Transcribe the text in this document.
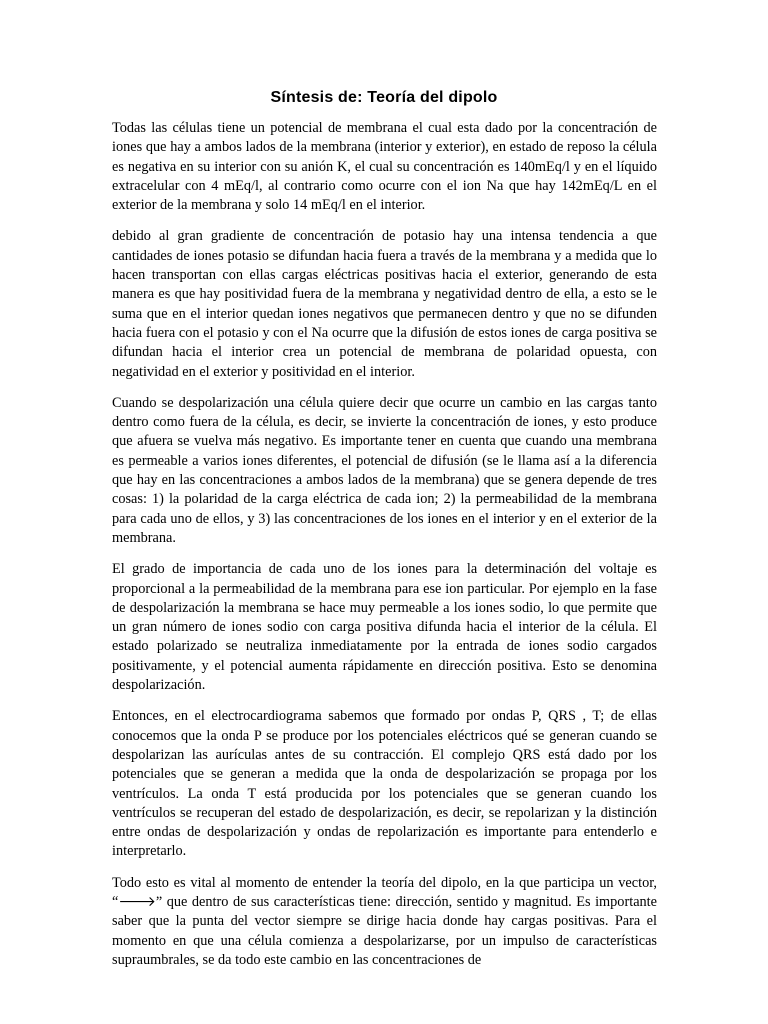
Síntesis de: Teoría del dipolo

Todas las células tiene un potencial de membrana el cual esta dado por la concentración de iones que hay a ambos lados de la membrana (interior y exterior), en estado de reposo la célula es negativa en su interior con su anión K, el cual su concentración es 140mEq/l y en el líquido extracelular con 4 mEq/l, al contrario como ocurre con el ion Na que hay 142mEq/L en el exterior de la membrana y solo 14 mEq/l en el interior.

debido al gran gradiente de concentración de potasio hay una intensa tendencia a que cantidades de iones potasio se difundan hacia fuera a través de la membrana y a medida que lo hacen transportan con ellas cargas eléctricas positivas hacia el exterior, generando de esta manera es que hay positividad fuera de la membrana y negatividad dentro de ella, a esto se le suma que en el interior quedan iones negativos que permanecen dentro y que no se difunden hacia fuera con el potasio y con el Na ocurre que la difusión de estos iones de carga positiva se difundan hacia el interior crea un potencial de membrana de polaridad opuesta, con negatividad en el exterior y positividad en el interior.

Cuando se despolarización una célula quiere decir que ocurre un cambio en las cargas tanto dentro como fuera de la célula, es decir, se invierte la concentración de iones, y esto produce que afuera se vuelva más negativo. Es importante tener en cuenta que cuando una membrana es permeable a varios iones diferentes, el potencial de difusión (se le llama así a la diferencia que hay en las concentraciones a ambos lados de la membrana) que se genera depende de tres cosas: 1) la polaridad de la carga eléctrica de cada ion; 2) la permeabilidad de la membrana para cada uno de ellos, y 3) las concentraciones de los iones en el interior y en el exterior de la membrana.

El grado de importancia de cada uno de los iones para la determinación del voltaje es proporcional a la permeabilidad de la membrana para ese ion particular. Por ejemplo en la fase de despolarización la membrana se hace muy permeable a los iones sodio, lo que permite que un gran número de iones sodio con carga positiva difunda hacia el interior de la célula. El estado polarizado se neutraliza inmediatamente por la entrada de iones sodio cargados positivamente, y el potencial aumenta rápidamente en dirección positiva. Esto se denomina despolarización.

Entonces, en el electrocardiograma sabemos que formado por ondas P, QRS , T; de ellas conocemos que la onda P se produce por los potenciales eléctricos qué se generan cuando se despolarizan las aurículas antes de su contracción. El complejo QRS está dado por los potenciales que se generan a medida que la onda de despolarización se propaga por los ventrículos. La onda T está producida por los potenciales que se generan cuando los ventrículos se recuperan del estado de despolarización, es decir, se repolarizan y la distinción entre ondas de despolarización y ondas de repolarización es importante para entenderlo e interpretarlo.

Todo esto es vital al momento de entender la teoría del dipolo, en la que participa un vector, “🡒” que dentro de sus características tiene: dirección, sentido y magnitud. Es importante saber que la punta del vector siempre se dirige hacia donde hay cargas positivas. Para el momento en que una célula comienza a despolarizarse, por un impulso de características supraumbrales, se da todo este cambio en las concentraciones de
